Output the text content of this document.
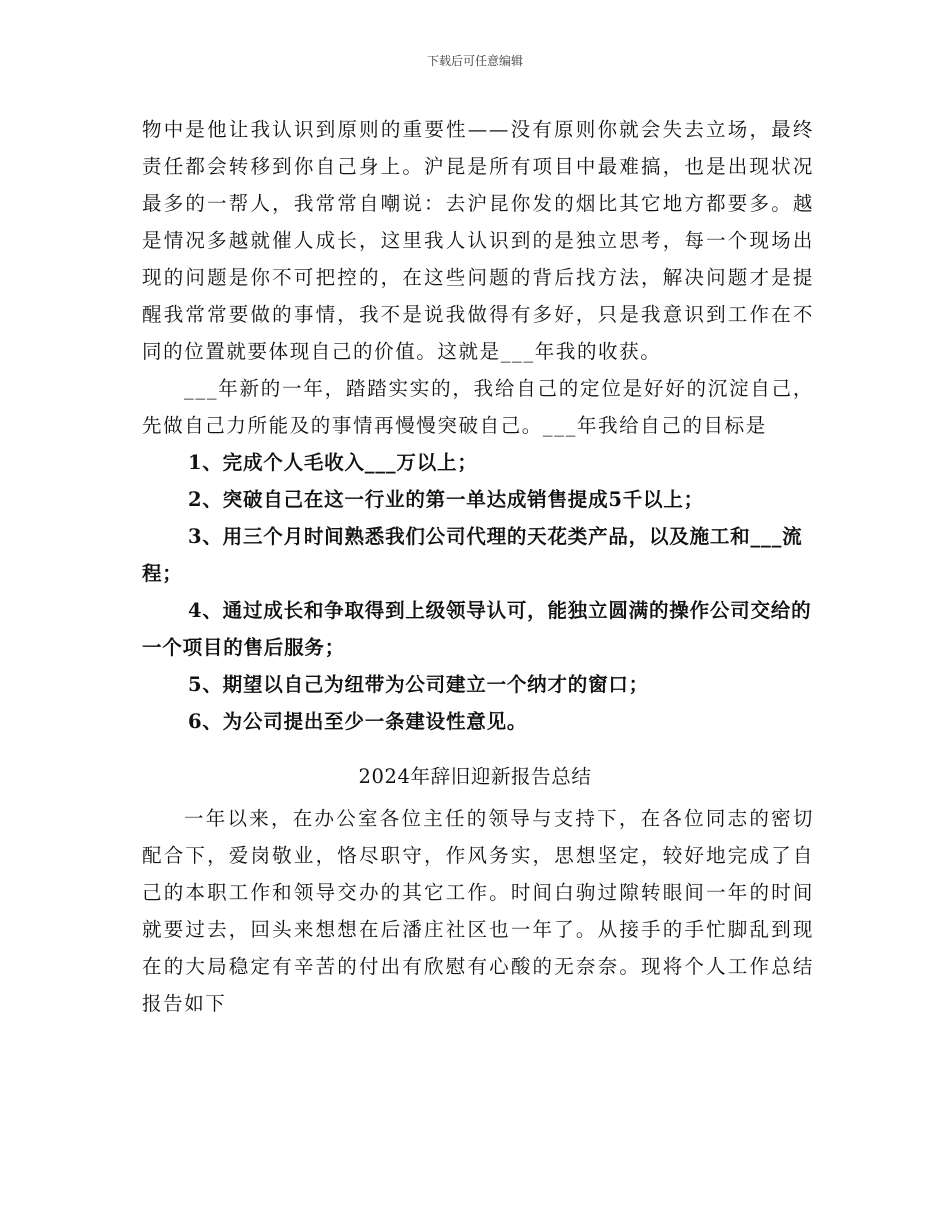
下载后可任意编辑

物中是他让我认识到原则的重要性——没有原则你就会失去立场，最终责任都会转移到你自己身上。沪昆是所有项目中最难搞，也是出现状况最多的一帮人，我常常自嘲说：去沪昆你发的烟比其它地方都要多。越是情况多越就催人成长，这里我人认识到的是独立思考，每一个现场出现的问题是你不可把控的，在这些问题的背后找方法，解决问题才是提醒我常常要做的事情，我不是说我做得有多好，只是我意识到工作在不同的位置就要体现自己的价值。这就是___年我的收获。

___年新的一年，踏踏实实的，我给自己的定位是好好的沉淀自己，先做自己力所能及的事情再慢慢突破自己。___年我给自己的目标是

1、完成个人毛收入___万以上；

2、突破自己在这一行业的第一单达成销售提成5千以上；

3、用三个月时间熟悉我们公司代理的天花类产品，以及施工和___流程；

4、通过成长和争取得到上级领导认可，能独立圆满的操作公司交给的一个项目的售后服务；

5、期望以自己为纽带为公司建立一个纳才的窗口；

6、为公司提出至少一条建设性意见。

2024年辞旧迎新报告总结

一年以来，在办公室各位主任的领导与支持下，在各位同志的密切配合下，爱岗敬业，恪尽职守，作风务实，思想坚定，较好地完成了自己的本职工作和领导交办的其它工作。时间白驹过隙转眼间一年的时间就要过去，回头来想想在后潘庄社区也一年了。从接手的手忙脚乱到现在的大局稳定有辛苦的付出有欣慰有心酸的无奈奈。现将个人工作总结报告如下
